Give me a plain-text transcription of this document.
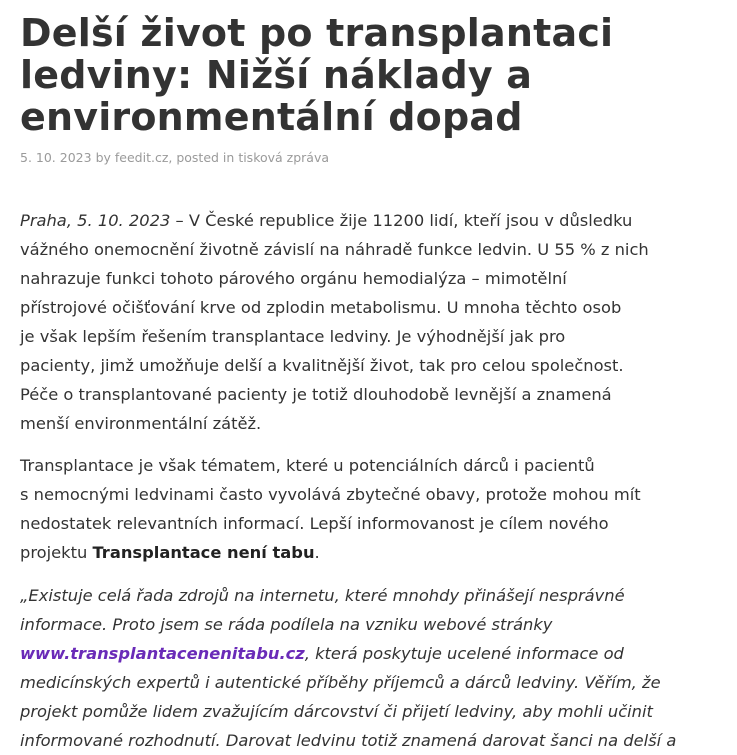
Delší život po transplantaci
ledviny: Nižší náklady a
environmentální dopad
5. 10. 2023 by feedit.cz, posted in tisková zpráva

Praha, 5. 10. 2023 – V České republice žije 11200 lidí, kteří jsou v důsledku
vážného onemocnění životně závislí na náhradě funkce ledvin. U 55 % z nich
nahrazuje funkci tohoto párového orgánu hemodialýza – mimotělní
přístrojové očišťování krve od zplodin metabolismu. U mnoha těchto osob
je však lepším řešením transplantace ledviny. Je výhodnější jak pro
pacienty, jimž umožňuje delší a kvalitnější život, tak pro celou společnost.
Péče o transplantované pacienty je totiž dlouhodobě levnější a znamená
menší environmentální zátěž.

Transplantace je však tématem, které u potenciálních dárců i pacientů
s nemocnými ledvinami často vyvolává zbytečné obavy, protože mohou mít
nedostatek relevantních informací. Lepší informovanost je cílem nového
projektu Transplantace není tabu.

„Existuje celá řada zdrojů na internetu, které mnohdy přinášejí nesprávné
informace. Proto jsem se ráda podílela na vzniku webové stránky
www.transplantacenenitabu.cz, která poskytuje ucelené informace od
medicínských expertů i autentické příběhy příjemců a dárců ledviny. Věřím, že
projekt pomůže lidem zvažujícím dárcovství či přijetí ledviny, aby mohli učinit
informované rozhodnutí. Darovat ledvinu totiž znamená darovat šanci na delší a
